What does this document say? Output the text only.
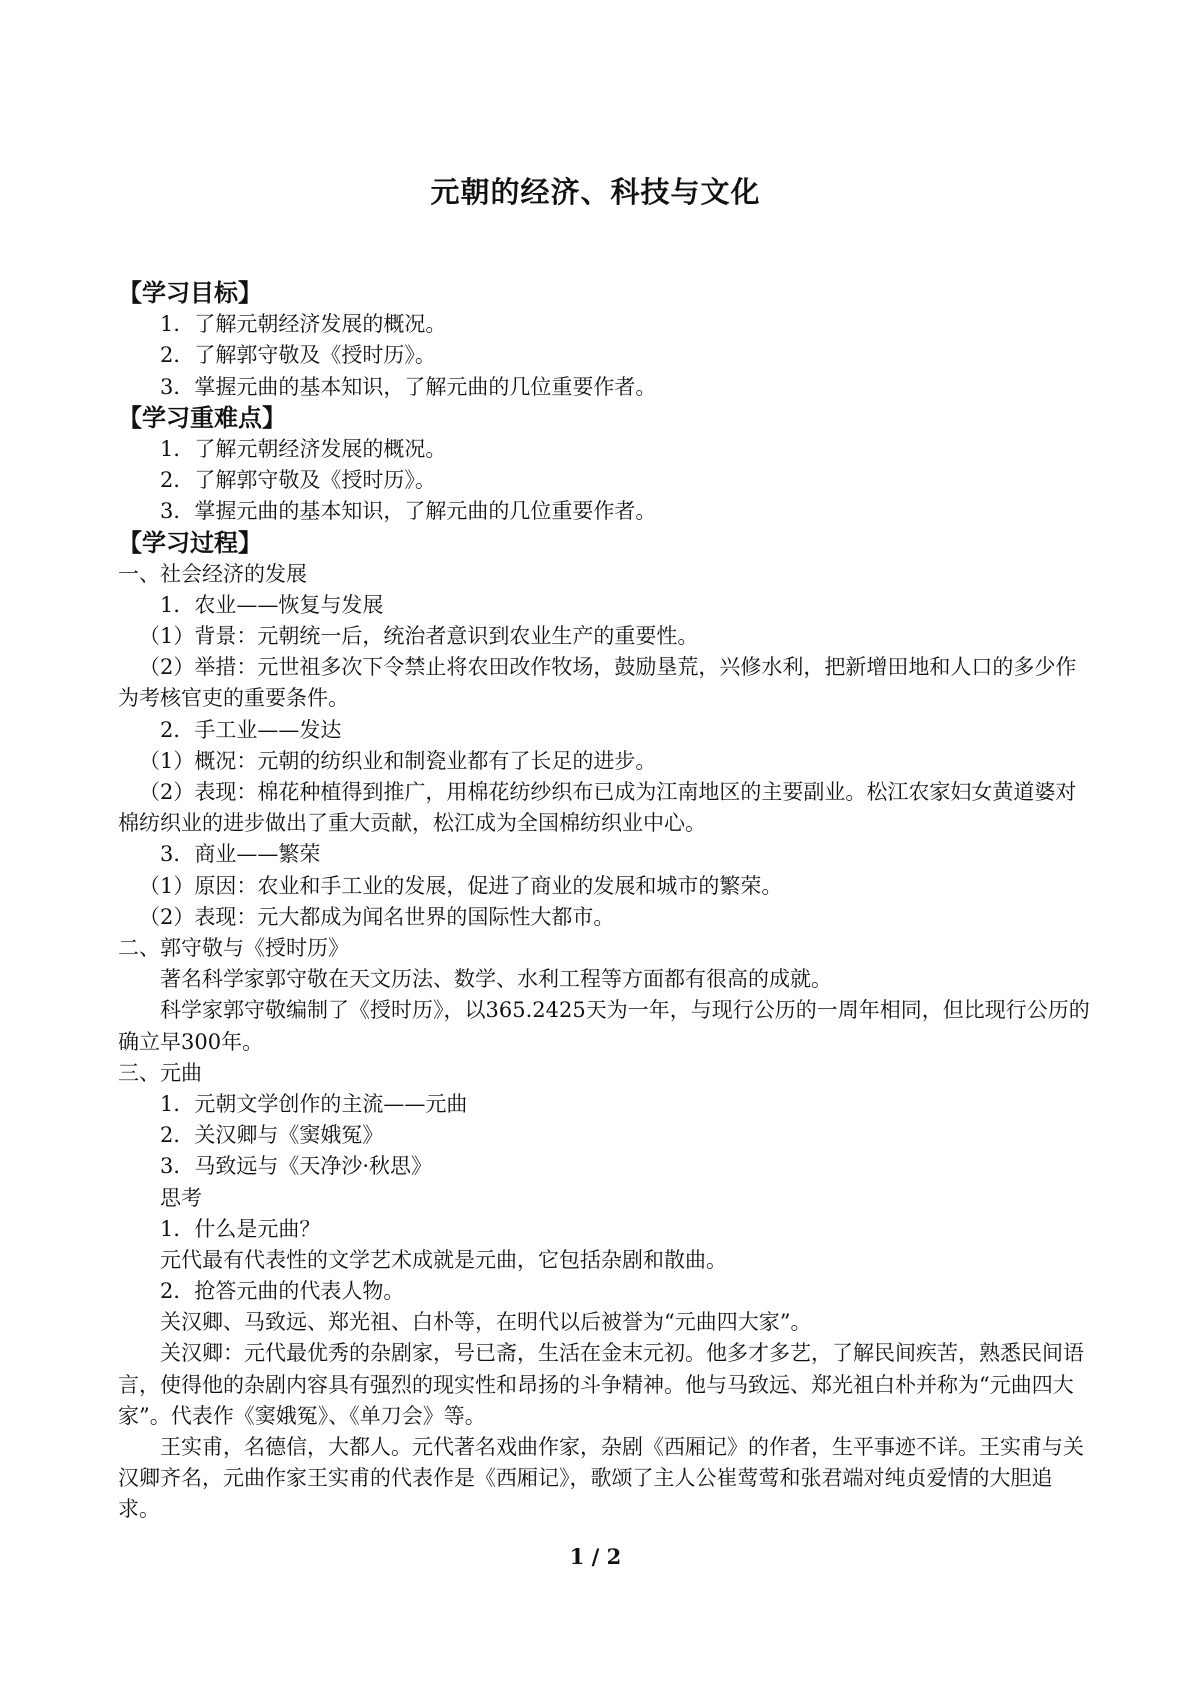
元朝的经济、科技与文化
【学习目标】
1．了解元朝经济发展的概况。
2．了解郭守敬及《授时历》。
3．掌握元曲的基本知识，了解元曲的几位重要作者。
【学习重难点】
1．了解元朝经济发展的概况。
2．了解郭守敬及《授时历》。
3．掌握元曲的基本知识，了解元曲的几位重要作者。
【学习过程】
一、社会经济的发展
1．农业——恢复与发展
（1）背景：元朝统一后，统治者意识到农业生产的重要性。
（2）举措：元世祖多次下令禁止将农田改作牧场，鼓励垦荒，兴修水利，把新增田地和人口的多少作为考核官吏的重要条件。
2．手工业——发达
（1）概况：元朝的纺织业和制瓷业都有了长足的进步。
（2）表现：棉花种植得到推广，用棉花纺纱织布已成为江南地区的主要副业。松江农家妇女黄道婆对棉纺织业的进步做出了重大贡献，松江成为全国棉纺织业中心。
3．商业——繁荣
（1）原因：农业和手工业的发展，促进了商业的发展和城市的繁荣。
（2）表现：元大都成为闻名世界的国际性大都市。
二、郭守敬与《授时历》
著名科学家郭守敬在天文历法、数学、水利工程等方面都有很高的成就。
科学家郭守敬编制了《授时历》，以365.2425天为一年，与现行公历的一周年相同，但比现行公历的确立早300年。
三、元曲
1．元朝文学创作的主流——元曲
2．关汉卿与《窦娥冤》
3．马致远与《天净沙·秋思》
思考
1．什么是元曲？
元代最有代表性的文学艺术成就是元曲，它包括杂剧和散曲。
2．抢答元曲的代表人物。
关汉卿、马致远、郑光祖、白朴等，在明代以后被誉为“元曲四大家”。
关汉卿：元代最优秀的杂剧家，号已斋，生活在金末元初。他多才多艺，了解民间疾苦，熟悉民间语言，使得他的杂剧内容具有强烈的现实性和昂扬的斗争精神。他与马致远、郑光祖白朴并称为“元曲四大家”。代表作《窦娥冤》、《单刀会》等。
王实甫，名德信，大都人。元代著名戏曲作家，杂剧《西厢记》的作者，生平事迹不详。王实甫与关汉卿齐名，元曲作家王实甫的代表作是《西厢记》，歌颂了主人公崔莺莺和张君端对纯贞爱情的大胆追求。
1 / 2
